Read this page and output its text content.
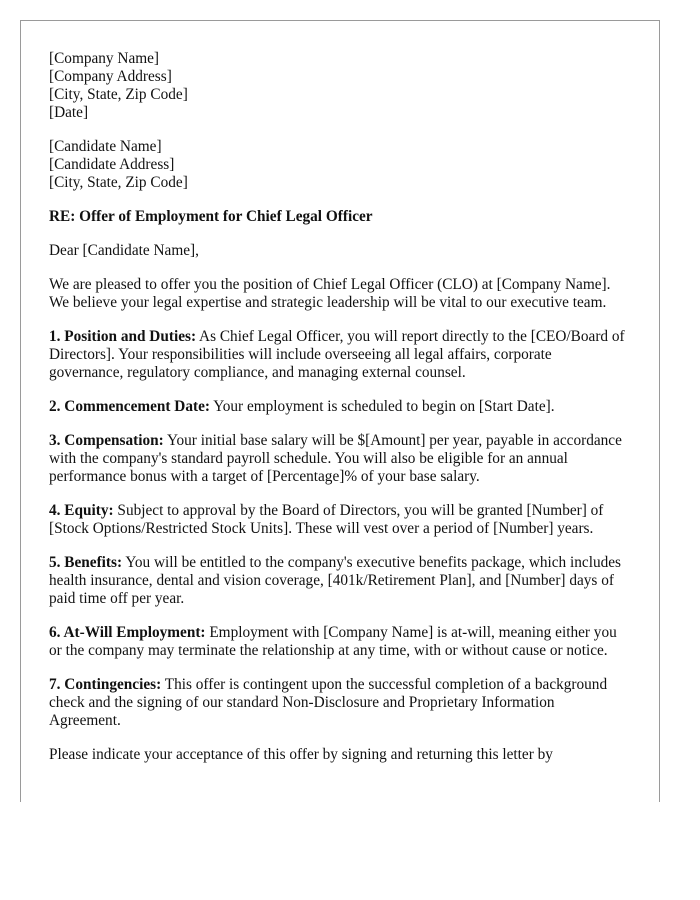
[Company Name]
[Company Address]
[City, State, Zip Code]
[Date]
[Candidate Name]
[Candidate Address]
[City, State, Zip Code]

RE: Offer of Employment for Chief Legal Officer

Dear [Candidate Name],

We are pleased to offer you the position of Chief Legal Officer (CLO) at [Company Name]. We believe your legal expertise and strategic leadership will be vital to our executive team.

1. Position and Duties: As Chief Legal Officer, you will report directly to the [CEO/Board of Directors]. Your responsibilities will include overseeing all legal affairs, corporate governance, regulatory compliance, and managing external counsel.

2. Commencement Date: Your employment is scheduled to begin on [Start Date].

3. Compensation: Your initial base salary will be $[Amount] per year, payable in accordance with the company's standard payroll schedule. You will also be eligible for an annual performance bonus with a target of [Percentage]% of your base salary.

4. Equity: Subject to approval by the Board of Directors, you will be granted [Number] of [Stock Options/Restricted Stock Units]. These will vest over a period of [Number] years.

5. Benefits: You will be entitled to the company's executive benefits package, which includes health insurance, dental and vision coverage, [401k/Retirement Plan], and [Number] days of paid time off per year.

6. At-Will Employment: Employment with [Company Name] is at-will, meaning either you or the company may terminate the relationship at any time, with or without cause or notice.

7. Contingencies: This offer is contingent upon the successful completion of a background check and the signing of our standard Non-Disclosure and Proprietary Information Agreement.

Please indicate your acceptance of this offer by signing and returning this letter by
